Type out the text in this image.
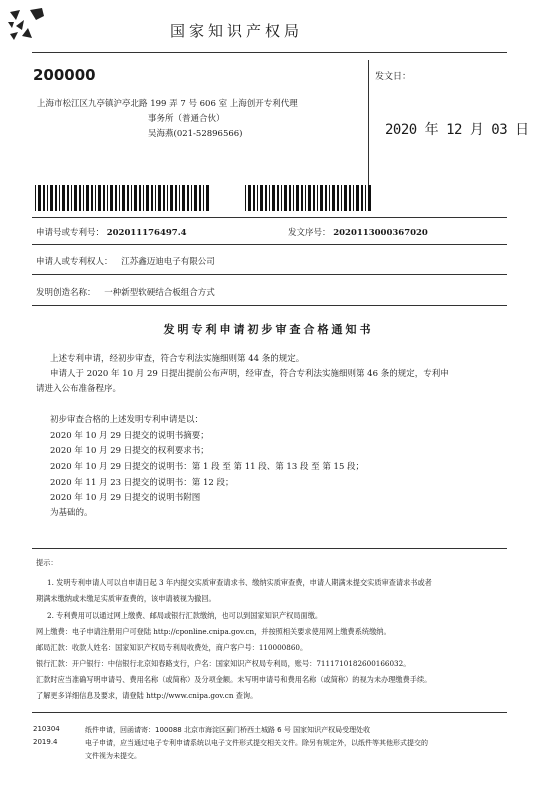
国家知识产权局
200000
上海市松江区九亭镇沪亭北路 199 弄 7 号 606 室 上海创开专利代理
事务所（普通合伙）
吴海燕(021-52896566)
发文日：
2020 年 12 月 03 日
申请号或专利号： 202011176497.4	发文序号： 2020113000367020
申请人或专利权人： 江苏鑫迈迪电子有限公司
发明创造名称： 一种新型软硬结合板组合方式
发明专利申请初步审查合格通知书
上述专利申请，经初步审查，符合专利法实施细则第 44 条的规定。
申请人于 2020 年 10 月 29 日提出提前公布声明，经审查，符合专利法实施细则第 46 条的规定，专利申
请进入公布准备程序。
初步审查合格的上述发明专利申请是以：
2020 年 10 月 29 日提交的说明书摘要；
2020 年 10 月 29 日提交的权利要求书；
2020 年 10 月 29 日提交的说明书：第 1 段 至 第 11 段、第 13 段 至 第 15 段；
2020 年 11 月 23 日提交的说明书：第 12 段；
2020 年 10 月 29 日提交的说明书附图
为基础的。
提示：
1. 发明专利申请人可以自申请日起 3 年内提交实质审查请求书、缴纳实质审查费，申请人期满未提交实质审查请求书或者
期满未缴纳或未缴足实质审查费的，该申请被视为撤回。
2. 专利费用可以通过网上缴费、邮局或银行汇款缴纳，也可以到国家知识产权局面缴。
网上缴费：电子申请注册用户可登陆 http://cponline.cnipa.gov.cn，并按照相关要求使用网上缴费系统缴纳。
邮局汇款：收款人姓名：国家知识产权局专利局收费处，商户客户号：110000860。
银行汇款：开户银行：中信银行北京知春路支行，户名：国家知识产权局专利局，账号：7111710182600166032。
汇款时应当准确写明申请号、费用名称（或简称）及分项金额。未写明申请号和费用名称（或简称）的视为未办理缴费手续。
了解更多详细信息及要求，请登陆 http://www.cnipa.gov.cn 查询。
210304
2019.4
纸件申请，回函请寄：100088 北京市海淀区蓟门桥西土城路 6 号 国家知识产权局受理处收
电子申请，应当通过电子专利申请系统以电子文件形式提交相关文件。除另有规定外，以纸件等其他形式提交的
文件视为未提交。
